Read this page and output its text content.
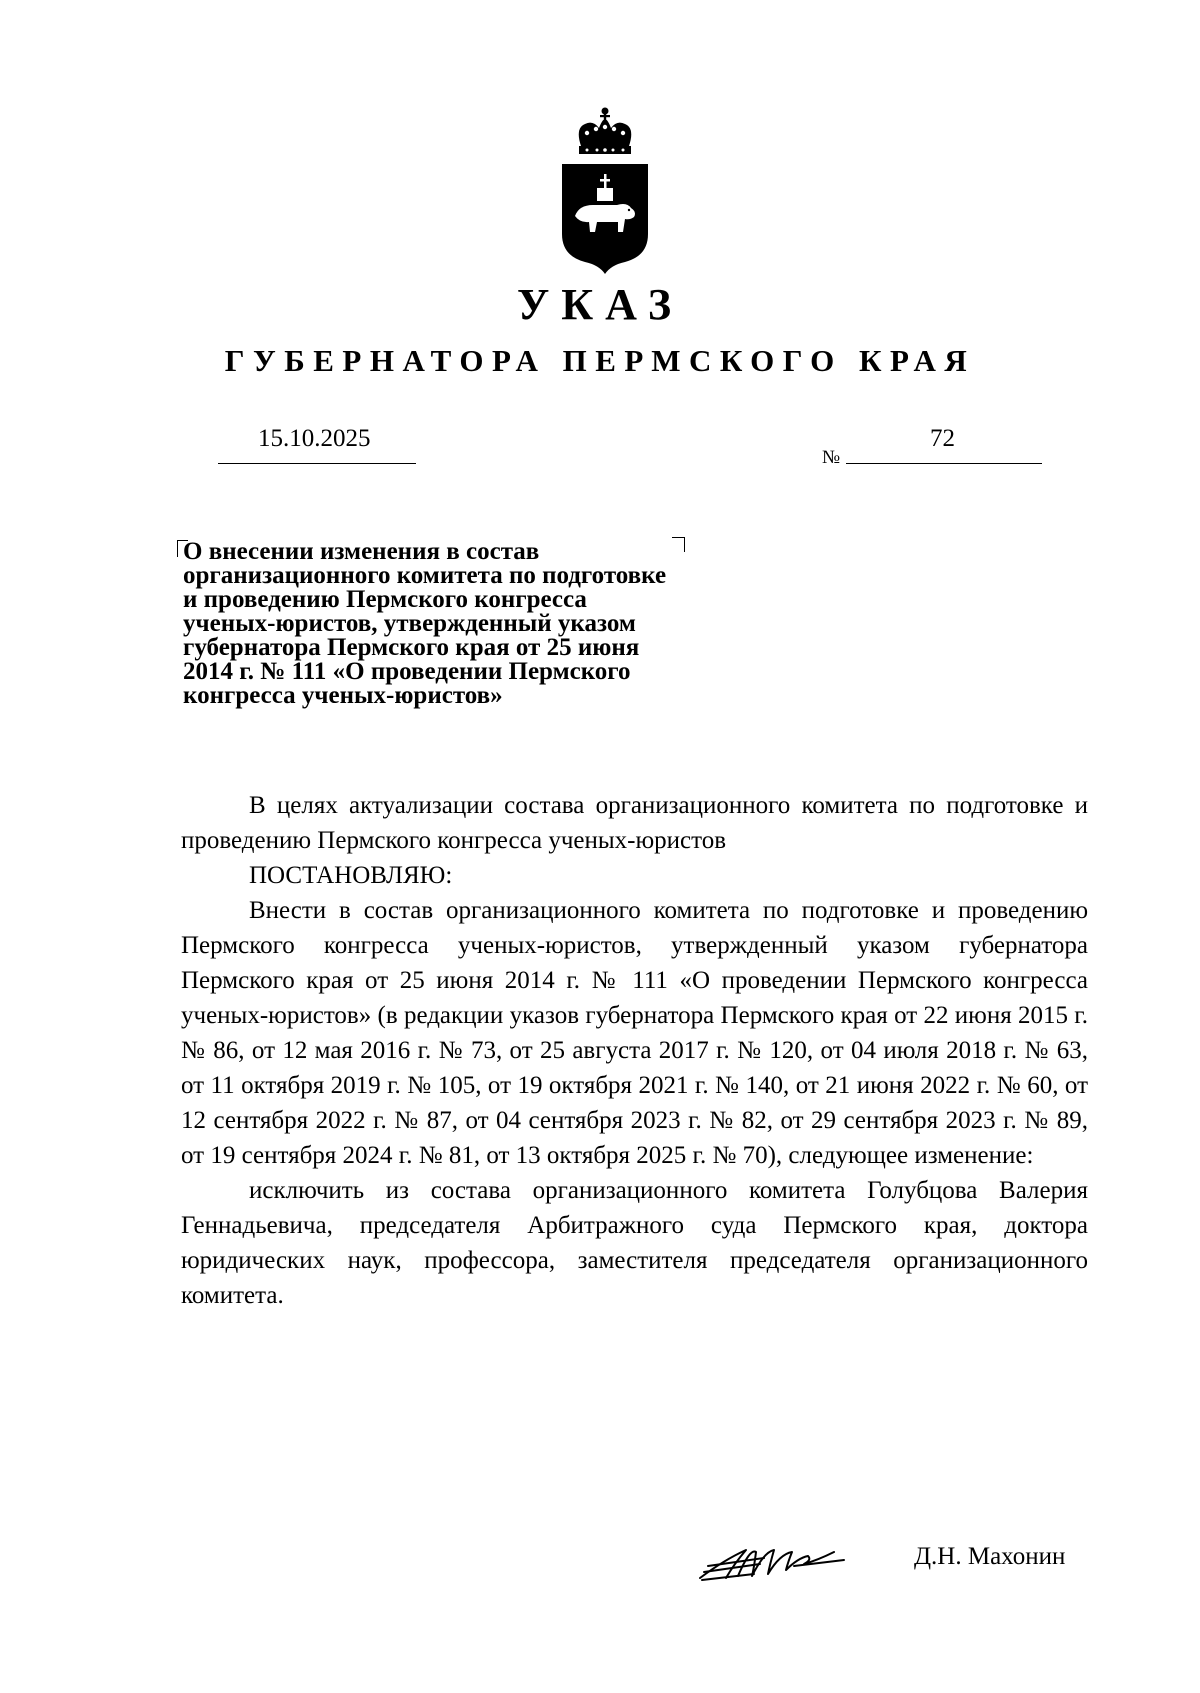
УКАЗ
ГУБЕРНАТОРА ПЕРМСКОГО КРАЯ
15.10.2025
№
72
О внесении изменения в состав
организационного комитета по подготовке
и проведению Пермского конгресса
ученых-юристов, утвержденный указом
губернатора Пермского края от 25 июня
2014 г. № 111 «О проведении Пермского
конгресса ученых-юристов»

В целях актуализации состава организационного комитета по подготовке и проведению Пермского конгресса ученых-юристов

ПОСТАНОВЛЯЮ:

Внести в состав организационного комитета по подготовке и проведению Пермского конгресса ученых-юристов, утвержденный указом губернатора Пермского края от 25 июня 2014 г. № 111 «О проведении Пермского конгресса ученых-юристов» (в редакции указов губернатора Пермского края от 22 июня 2015 г. № 86, от 12 мая 2016 г. № 73, от 25 августа 2017 г. № 120, от 04 июля 2018 г. № 63, от 11 октября 2019 г. № 105, от 19 октября 2021 г. № 140, от 21 июня 2022 г. № 60, от 12 сентября 2022 г. № 87, от 04 сентября 2023 г. № 82, от 29 сентября 2023 г. № 89, от 19 сентября 2024 г. № 81, от 13 октября 2025 г. № 70), следующее изменение:

исключить из состава организационного комитета Голубцова Валерия Геннадьевича, председателя Арбитражного суда Пермского края, доктора юридических наук, профессора, заместителя председателя организационного комитета.

Д.Н. Махонин
